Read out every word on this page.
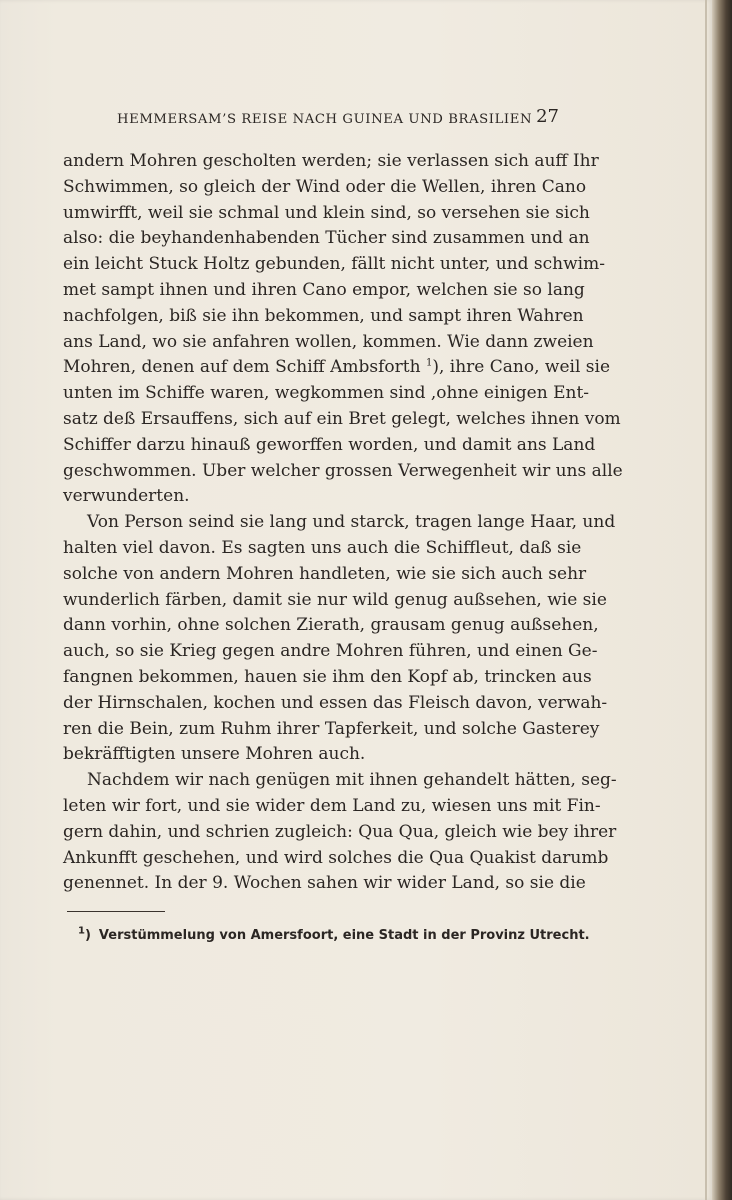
HEMMERSAM’S REISE NACH GUINEA UND BRASILIEN 27
andern Mohren gescholten werden; sie verlassen sich auff Ihr
Schwimmen, so gleich der Wind oder die Wellen, ihren Cano
umwirfft, weil sie schmal und klein sind, so versehen sie sich
also: die beyhandenhabenden Tücher sind zusammen und an
ein leicht Stuck Holtz gebunden, fällt nicht unter, und schwim-
met sampt ihnen und ihren Cano empor, welchen sie so lang
nachfolgen, biß sie ihn bekommen, und sampt ihren Wahren
ans Land, wo sie anfahren wollen, kommen. Wie dann zweien
Mohren, denen auf dem Schiff Ambsforth $^1$), ihre Cano, weil sie
unten im Schiffe waren, wegkommen sind ,ohne einigen Ent-
satz deß Ersauffens, sich auf ein Bret gelegt, welches ihnen vom
Schiffer darzu hinauß geworffen worden, und damit ans Land
geschwommen. Uber welcher grossen Verwegenheit wir uns alle
verwunderten.
Von Person seind sie lang und starck, tragen lange Haar, und
halten viel davon. Es sagten uns auch die Schiffleut, daß sie
solche von andern Mohren handleten, wie sie sich auch sehr
wunderlich färben, damit sie nur wild genug außsehen, wie sie
dann vorhin, ohne solchen Zierath, grausam genug außsehen,
auch, so sie Krieg gegen andre Mohren führen, und einen Ge-
fangnen bekommen, hauen sie ihm den Kopf ab, trincken aus
der Hirnschalen, kochen und essen das Fleisch davon, verwah-
ren die Bein, zum Ruhm ihrer Tapferkeit, und solche Gasterey
bekräfftigten unsere Mohren auch.
Nachdem wir nach genügen mit ihnen gehandelt hätten, seg-
leten wir fort, und sie wider dem Land zu, wiesen uns mit Fin-
gern dahin, und schrien zugleich: Qua Qua, gleich wie bey ihrer
Ankunfft geschehen, und wird solches die Qua Quakist darumb
genennet. In der 9. Wochen sahen wir wider Land, so sie die
$^1$) Verstümmelung von Amersfoort, eine Stadt in der Provinz Utrecht.
